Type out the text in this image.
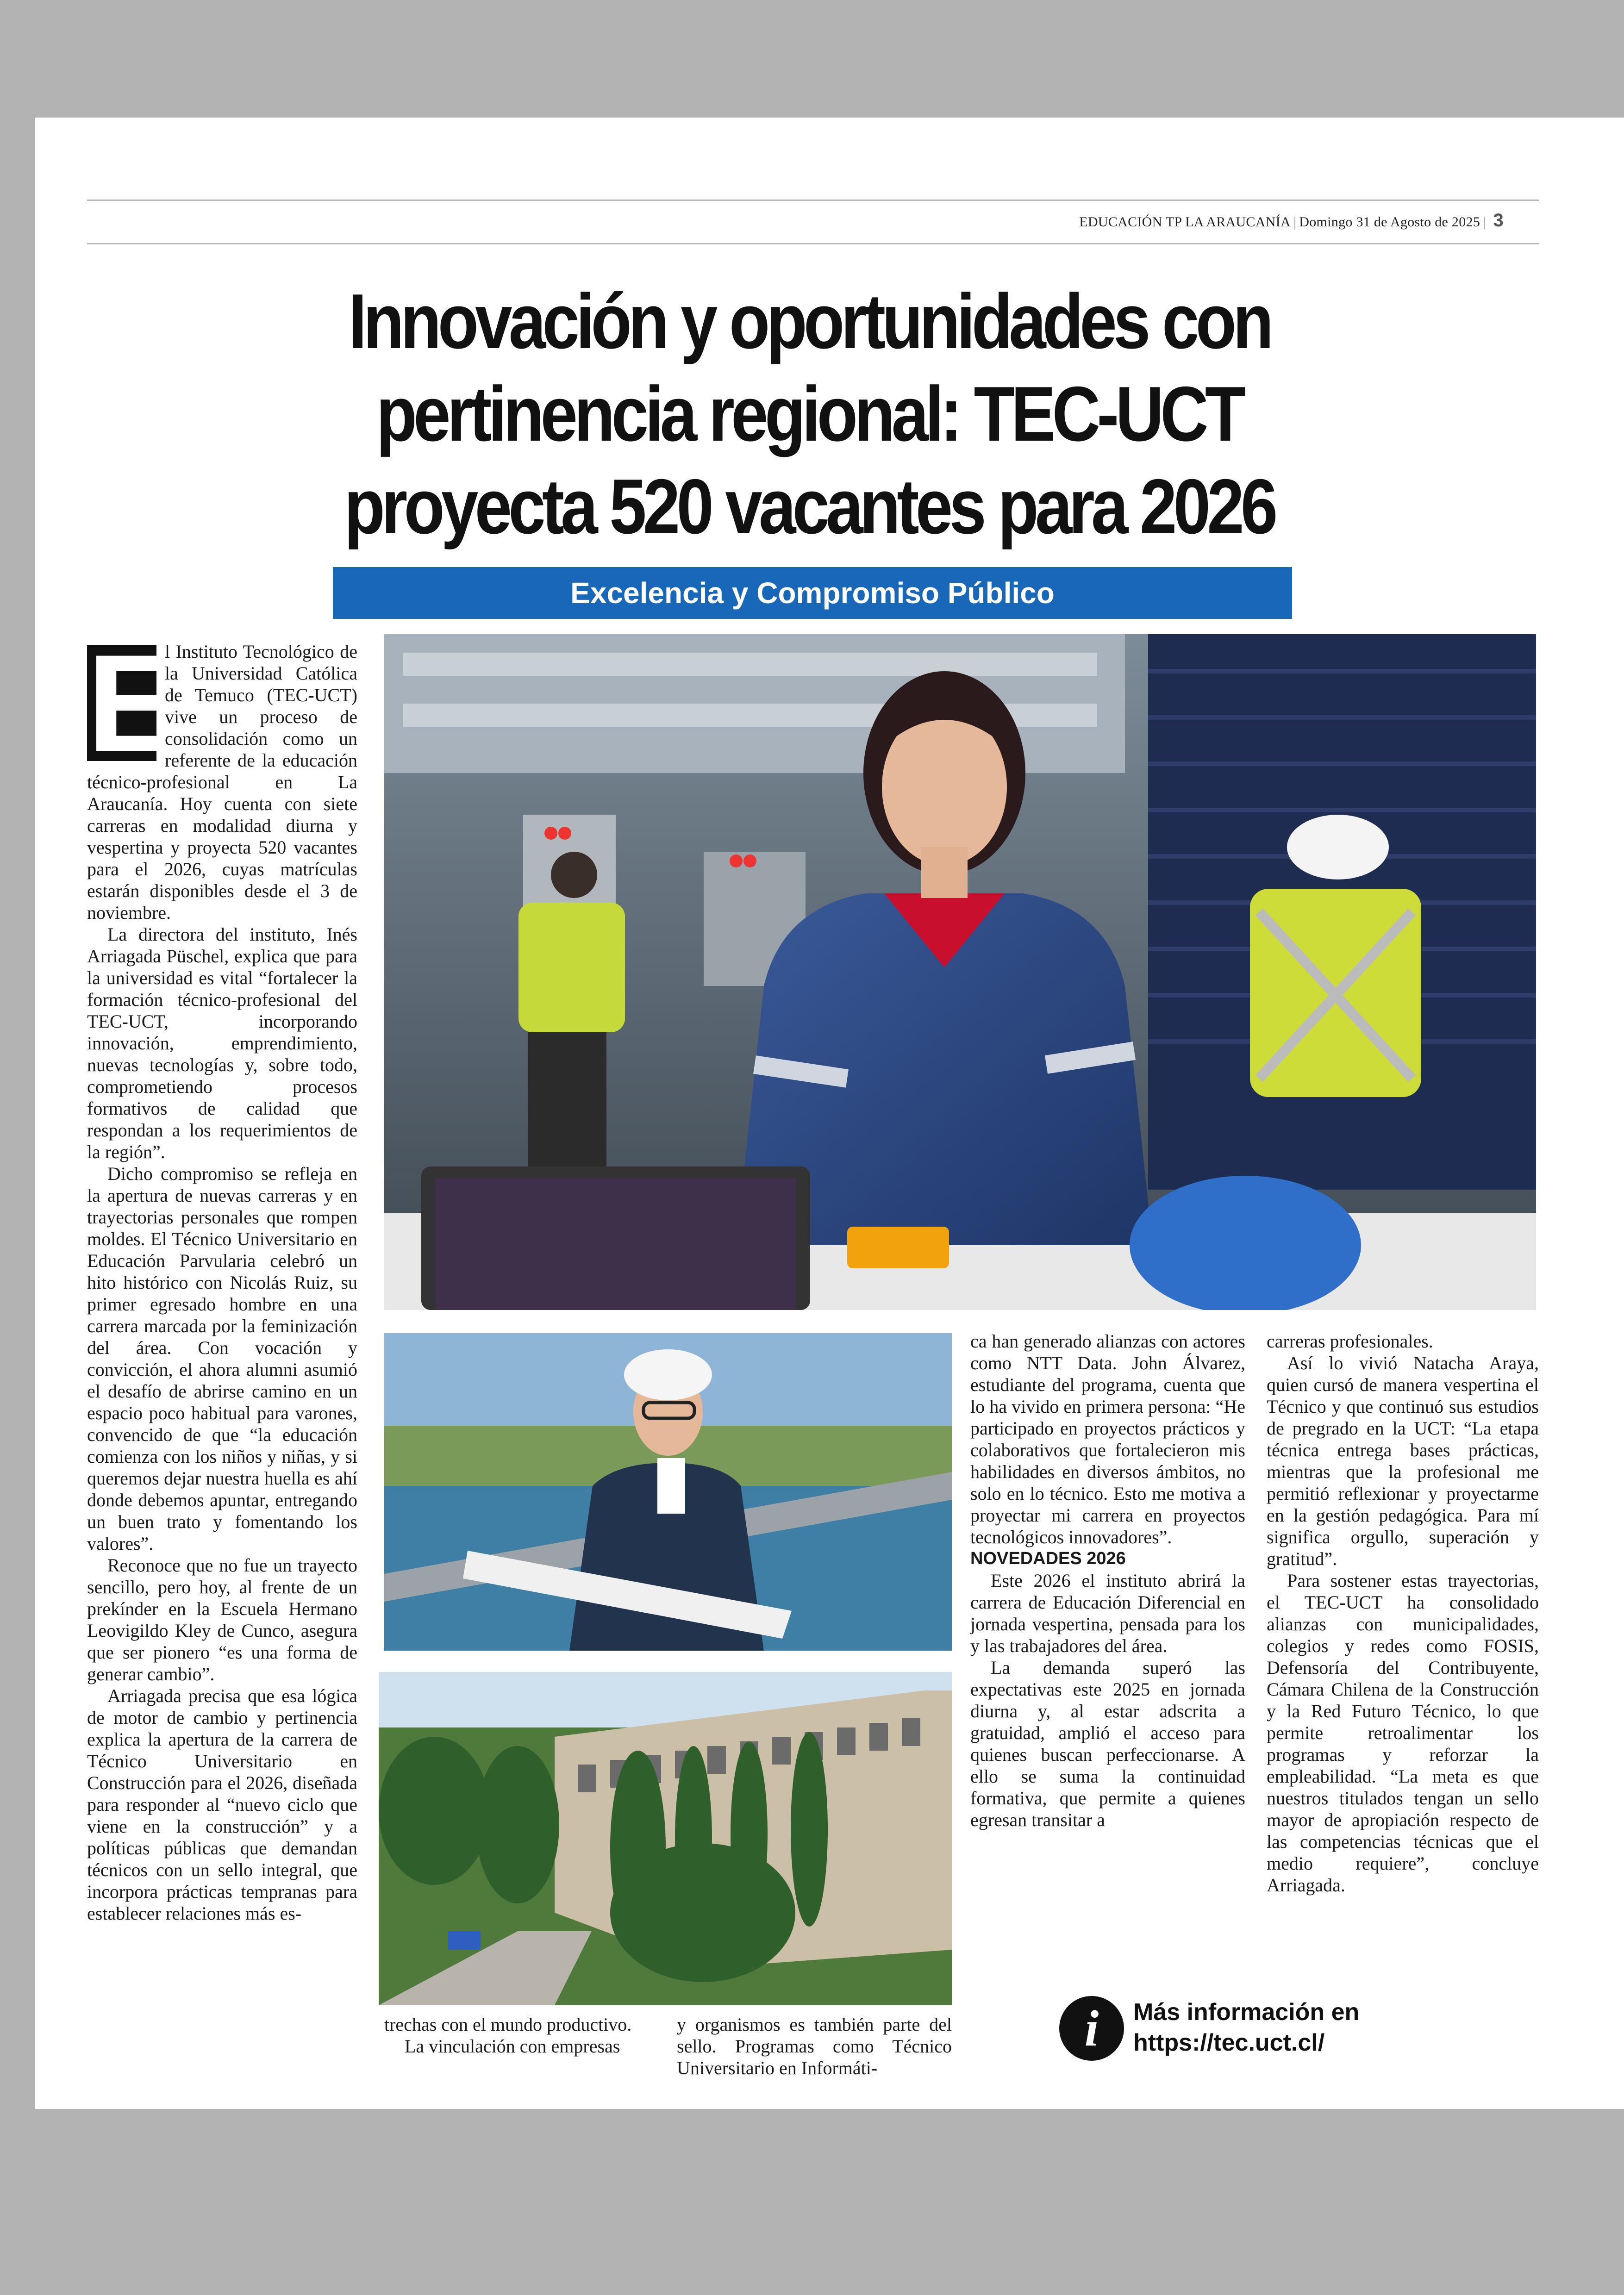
EDUCACIÓN TP LA ARAUCANÍA | Domingo 31 de Agosto de 2025 | 3
Innovación y oportunidades con
pertinencia regional: TEC-UCT
proyecta 520 vacantes para 2026
Excelencia y Compromiso Público
E

l Instituto Tecnológico de la Universidad Católica de Temuco (TEC-UCT) vive un proceso de consolidación como un referente de la educación técnico-profesional en La Araucanía. Hoy cuenta con siete carreras en modalidad diurna y vespertina y proyecta 520 vacantes para el 2026, cuyas matrículas estarán disponibles desde el 3 de noviembre.

La directora del instituto, Inés Arriagada Püschel, explica que para la universidad es vital “fortalecer la formación técnico-profesional del TEC-UCT, incorporando innovación, emprendimiento, nuevas tecnologías y, sobre todo, comprometiendo procesos formativos de calidad que respondan a los requerimientos de la región”.

Dicho compromiso se refleja en la apertura de nuevas carreras y en trayectorias personales que rompen moldes. El Técnico Universitario en Educación Parvularia celebró un hito histórico con Nicolás Ruiz, su primer egresado hombre en una carrera marcada por la feminización del área. Con vocación y convicción, el ahora alumni asumió el desafío de abrirse camino en un espacio poco habitual para varones, convencido de que “la educación comienza con los niños y niñas, y si queremos dejar nuestra huella es ahí donde debemos apuntar, entregando un buen trato y fomentando los valores”.

Reconoce que no fue un trayecto sencillo, pero hoy, al frente de un prekínder en la Escuela Hermano Leovigildo Kley de Cunco, asegura que ser pionero “es una forma de generar cambio”.

Arriagada precisa que esa lógica de motor de cambio y pertinencia explica la apertura de la carrera de Técnico Universitario en Construcción para el 2026, diseñada para responder al “nuevo ciclo que viene en la construcción” y a políticas públicas que demandan técnicos con un sello integral, que incorpora prácticas tempranas para establecer relaciones más es-

trechas con el mundo productivo.

La vinculación con empresas

y organismos es también parte del sello. Programas como Técnico Universitario en Informáti-

ca han generado alianzas con actores como NTT Data. John Álvarez, estudiante del programa, cuenta que lo ha vivido en primera persona: “He participado en proyectos prácticos y colaborativos que fortalecieron mis habilidades en diversos ámbitos, no solo en lo técnico. Esto me motiva a proyectar mi carrera en proyectos tecnológicos innovadores”.

NOVEDADES 2026

Este 2026 el instituto abrirá la carrera de Educación Diferencial en jornada vespertina, pensada para los y las trabajadores del área.

La demanda superó las expectativas este 2025 en jornada diurna y, al estar adscrita a gratuidad, amplió el acceso para quienes buscan perfeccionarse. A ello se suma la continuidad formativa, que permite a quienes egresan transitar a

carreras profesionales.

Así lo vivió Natacha Araya, quien cursó de manera vespertina el Técnico y que continuó sus estudios de pregrado en la UCT: “La etapa técnica entrega bases prácticas, mientras que la profesional me permitió reflexionar y proyectarme en la gestión pedagógica. Para mí significa orgullo, superación y gratitud”.

Para sostener estas trayectorias, el TEC-UCT ha consolidado alianzas con municipalidades, colegios y redes como FOSIS, Defensoría del Contribuyente, Cámara Chilena de la Construcción y la Red Futuro Técnico, lo que permite retroalimentar los programas y reforzar la empleabilidad. “La meta es que nuestros titulados tengan un sello mayor de apropiación respecto de las competencias técnicas que el medio requiere”, concluye Arriagada.

i	Más información en
https://tec.uct.cl/
